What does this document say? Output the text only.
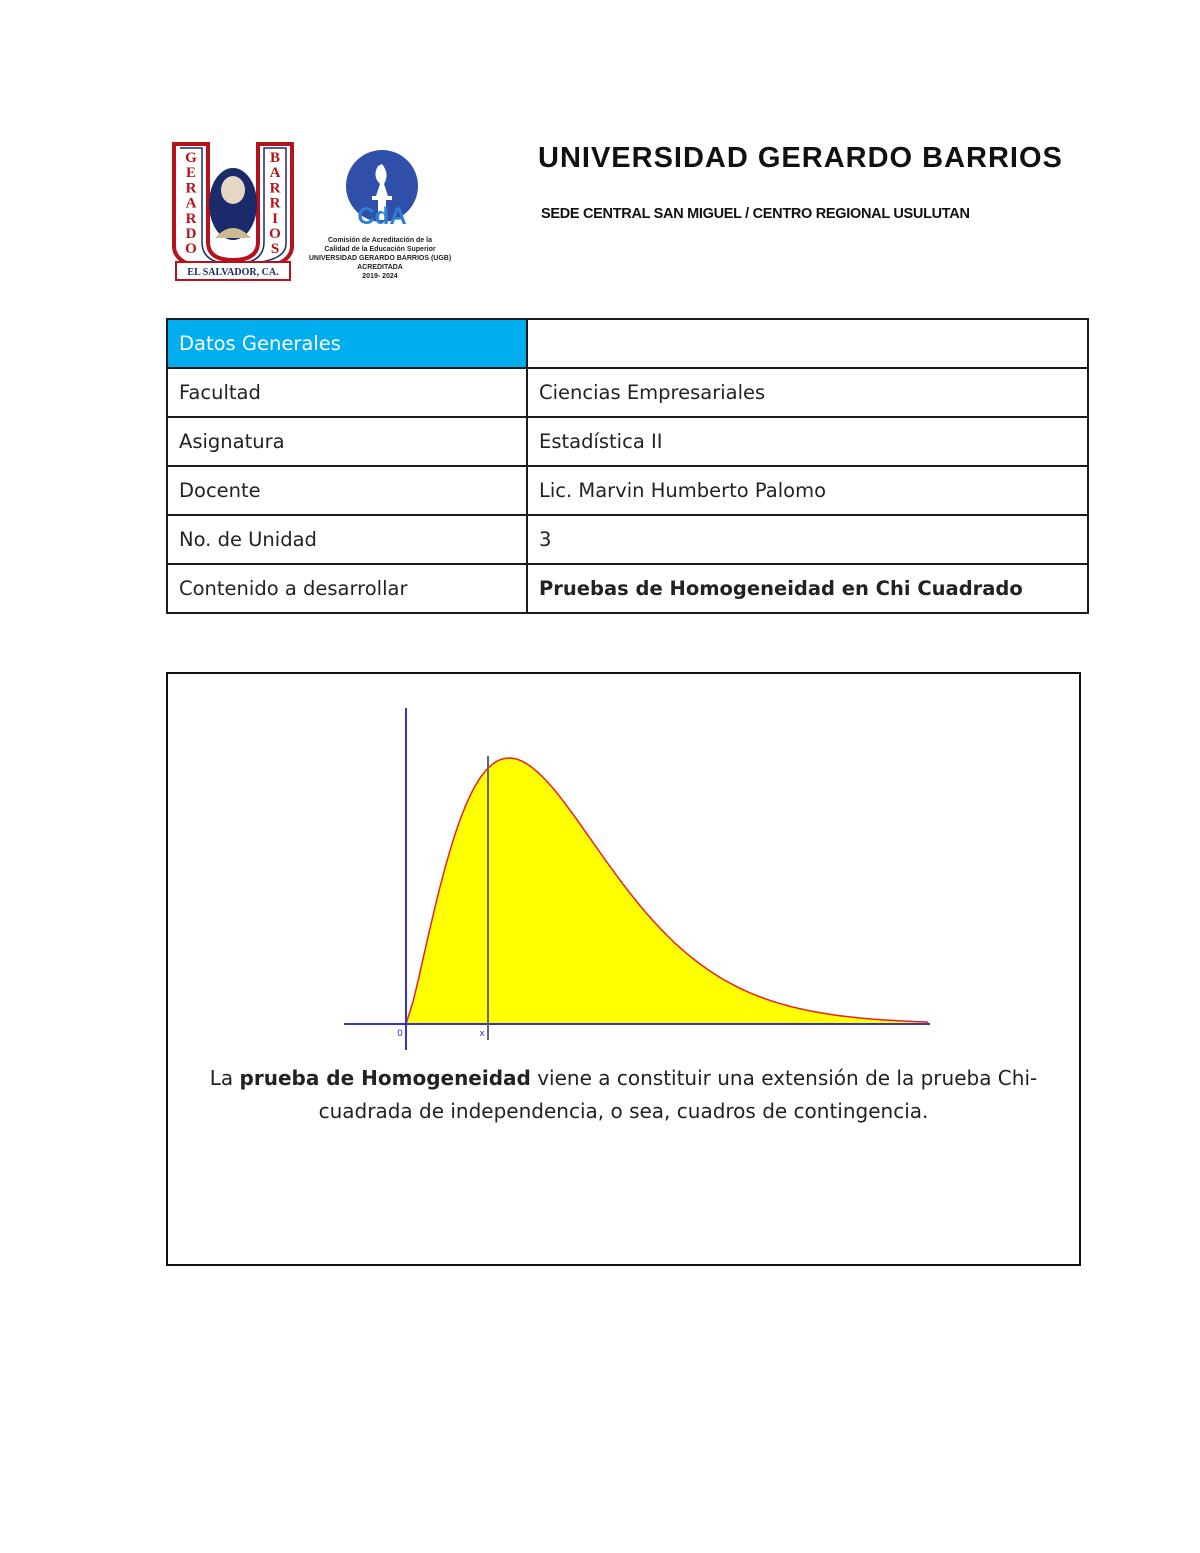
G
E
R
A
R
D
O
B
A
R
R
I
O
S
EL SALVADOR, CA.
CdA
Comisión de Acreditación de la
Calidad de la Educación Superior
UNIVERSIDAD GERARDO BARRIOS (UGB)
ACREDITADA
2019- 2024
UNIVERSIDAD GERARDO BARRIOS
SEDE CENTRAL SAN MIGUEL / CENTRO REGIONAL USULUTAN
Datos Generales	
Facultad	Ciencias Empresariales
Asignatura	Estadística II
Docente	Lic. Marvin Humberto Palomo
No. de Unidad	3
Contenido a desarrollar	Pruebas de Homogeneidad en Chi Cuadrado
0	x
La prueba de Homogeneidad viene a constituir una extensión de la prueba Chi-cuadrada de independencia, o sea, cuadros de contingencia.
